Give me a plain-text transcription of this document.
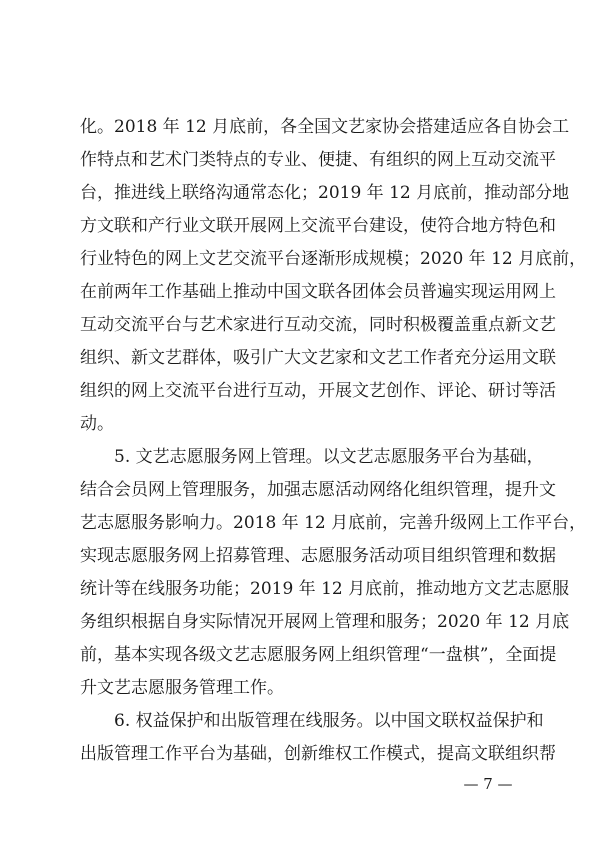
化。2018 年 12 月底前，各全国文艺家协会搭建适应各自协会工
作特点和艺术门类特点的专业、便捷、有组织的网上互动交流平
台，推进线上联络沟通常态化；2019 年 12 月底前，推动部分地
方文联和产行业文联开展网上交流平台建设，使符合地方特色和
行业特色的网上文艺交流平台逐渐形成规模；2020 年 12 月底前，
在前两年工作基础上推动中国文联各团体会员普遍实现运用网上
互动交流平台与艺术家进行互动交流，同时积极覆盖重点新文艺
组织、新文艺群体，吸引广大文艺家和文艺工作者充分运用文联
组织的网上交流平台进行互动，开展文艺创作、评论、研讨等活
动。
5. 文艺志愿服务网上管理。以文艺志愿服务平台为基础，
结合会员网上管理服务，加强志愿活动网络化组织管理，提升文
艺志愿服务影响力。2018 年 12 月底前，完善升级网上工作平台，
实现志愿服务网上招募管理、志愿服务活动项目组织管理和数据
统计等在线服务功能；2019 年 12 月底前，推动地方文艺志愿服
务组织根据自身实际情况开展网上管理和服务；2020 年 12 月底
前，基本实现各级文艺志愿服务网上组织管理“一盘棋”，全面提
升文艺志愿服务管理工作。
6. 权益保护和出版管理在线服务。以中国文联权益保护和
出版管理工作平台为基础，创新维权工作模式，提高文联组织帮
— 7 —
